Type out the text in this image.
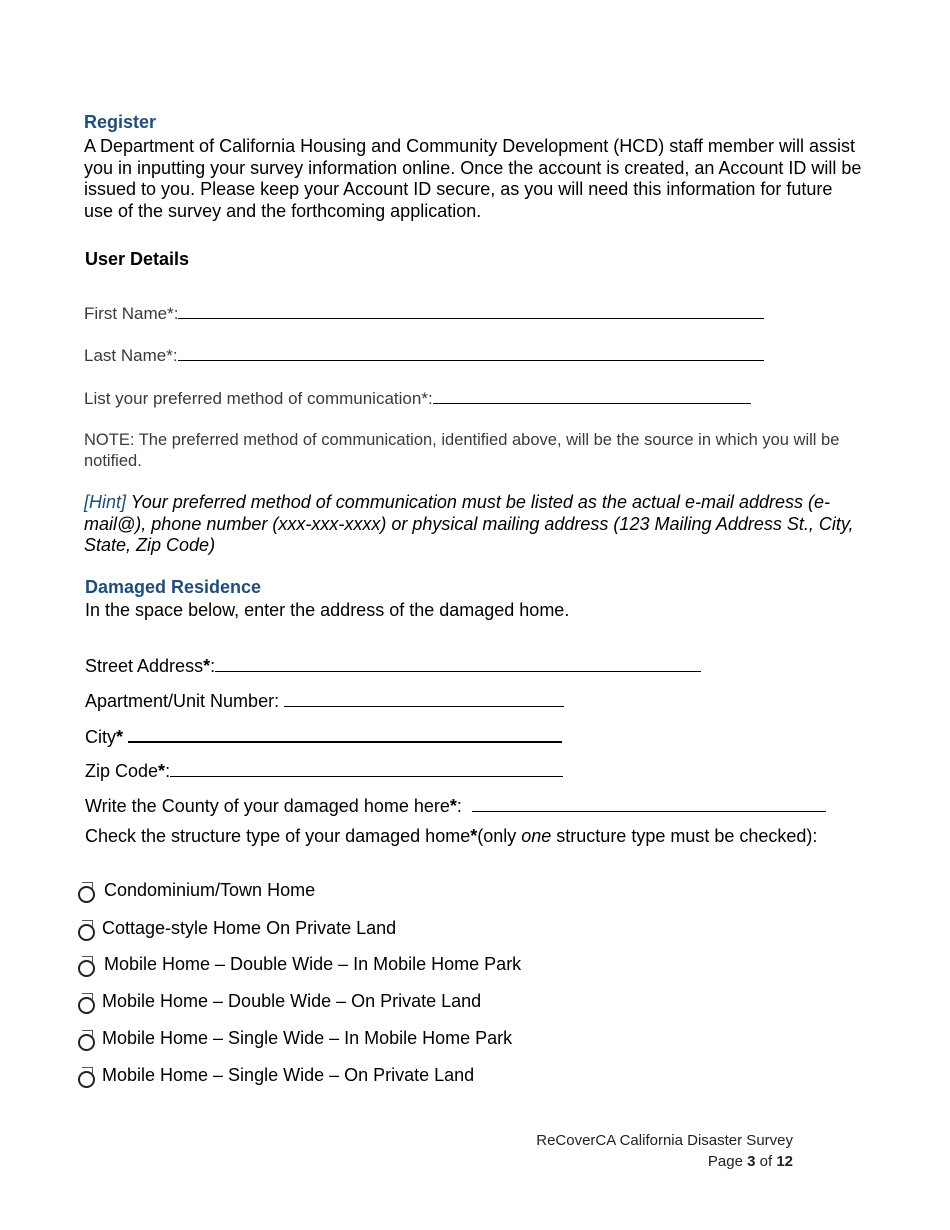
Register
A Department of California Housing and Community Development (HCD) staff member will assist you in inputting your survey information online. Once the account is created, an Account ID will be issued to you. Please keep your Account ID secure, as you will need this information for future use of the survey and the forthcoming application.
User Details
First Name*:
Last Name*:
List your preferred method of communication*:
NOTE: The preferred method of communication, identified above, will be the source in which you will be notified.
[Hint] Your preferred method of communication must be listed as the actual e-mail address (e-mail@), phone number (xxx-xxx-xxxx) or physical mailing address (123 Mailing Address St., City, State, Zip Code)
Damaged Residence
In the space below, enter the address of the damaged home.
Street Address*:
Apartment/Unit Number:
City*
Zip Code*:
Write the County of your damaged home here*:
Check the structure type of your damaged home*(only one structure type must be checked):
Condominium/Town Home
Cottage-style Home On Private Land
Mobile Home – Double Wide – In Mobile Home Park
Mobile Home – Double Wide – On Private Land
Mobile Home – Single Wide – In Mobile Home Park
Mobile Home – Single Wide – On Private Land
ReCoverCA California Disaster Survey
Page 3 of 12
